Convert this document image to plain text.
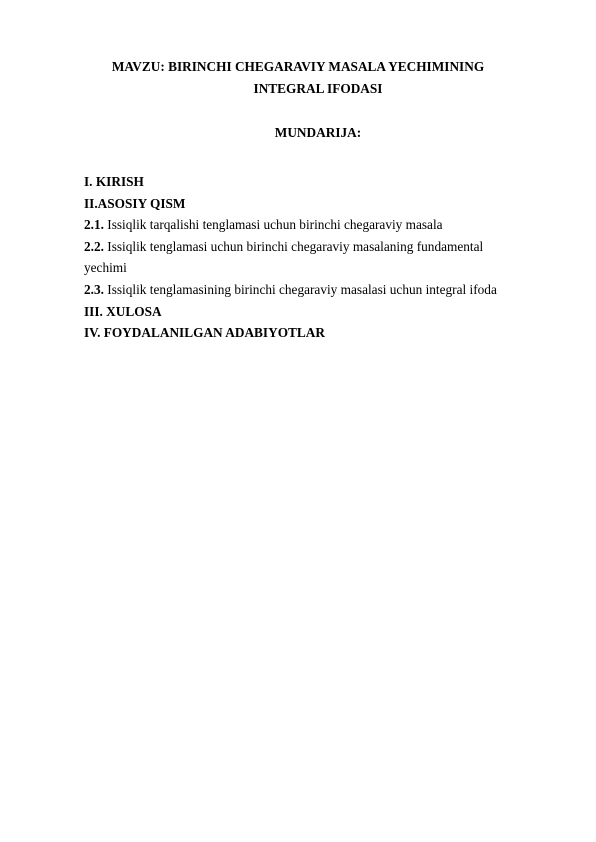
MAVZU: BIRINCHI CHEGARAVIY MASALA YECHIMINING

INTEGRAL IFODASI

MUNDARIJA:

I. KIRISH
II.ASOSIY QISM
2.1. Issiqlik tarqalishi tenglamasi uchun birinchi chegaraviy masala
2.2. Issiqlik tenglamasi uchun birinchi chegaraviy masalaning fundamental
yechimi
2.3. Issiqlik tenglamasining birinchi chegaraviy masalasi uchun integral ifoda
III. XULOSA
IV. FOYDALANILGAN ADABIYOTLAR
